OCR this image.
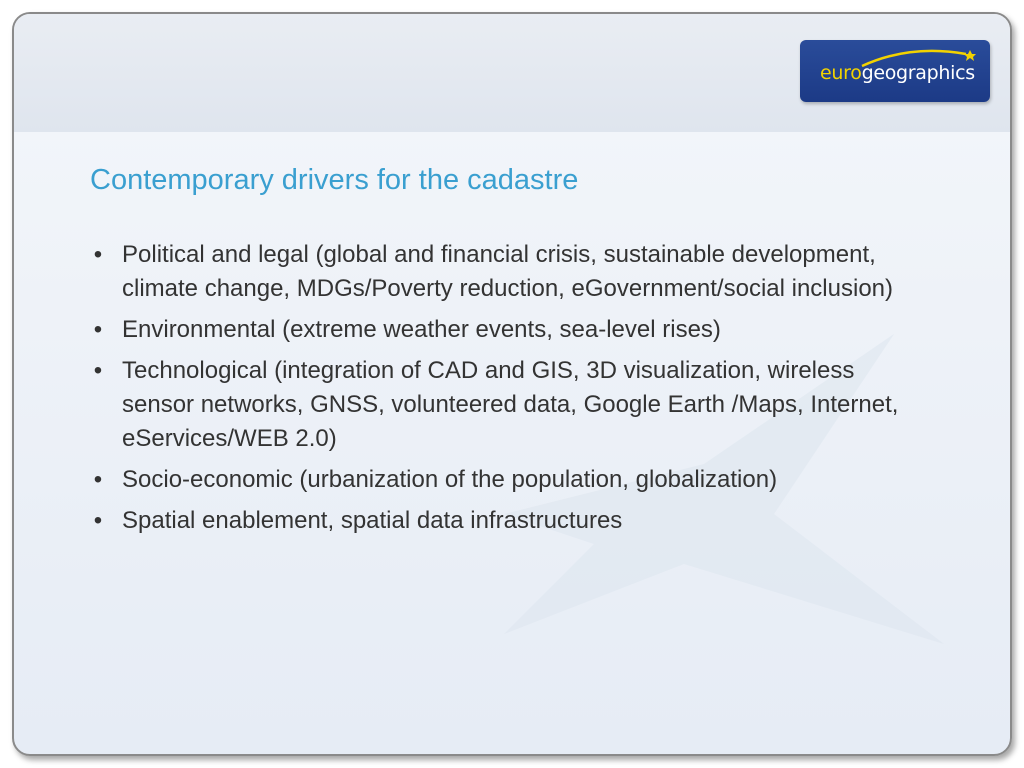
eurogeographics
Contemporary drivers for the cadastre
• Political and legal (global and financial crisis, sustainable development, climate change, MDGs/Poverty reduction, eGovernment/social inclusion)
• Environmental (extreme weather events, sea-level rises)
• Technological (integration of CAD and GIS, 3D visualization, wireless sensor networks, GNSS, volunteered data, Google Earth /Maps, Internet, eServices/WEB 2.0)
• Socio-economic (urbanization of the population, globalization)
• Spatial enablement, spatial data infrastructures
